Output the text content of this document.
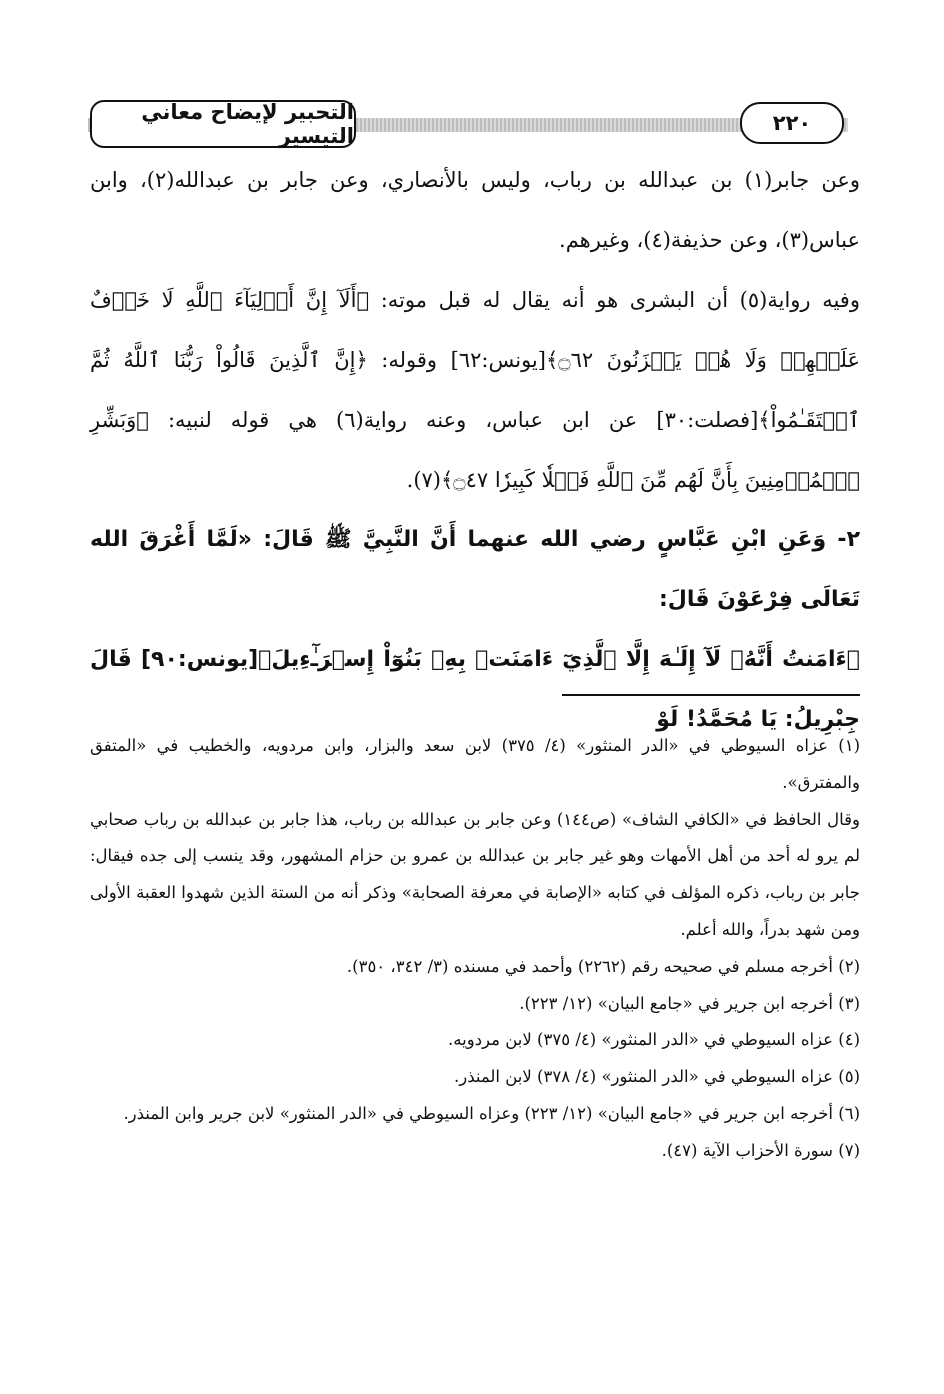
التحبير لإيضاح معاني التيسير
٢٢٠

وعن جابر(١) بن عبدالله بن رباب، وليس بالأنصاري، وعن جابر بن عبدالله(٢)، وابن عباس(٣)، وعن حذيفة(٤)، وغيرهم.

وفيه رواية(٥) أن البشرى هو أنه يقال له قبل موته: ﴿أَلَآ إِنَّ أَوۡلِيَآءَ ٱللَّهِ لَا خَوۡفٌ عَلَيۡهِمۡ وَلَا هُمۡ يَحۡزَنُونَ ۝٦٢﴾[يونس:٦٢] وقوله: ﴿إِنَّ ٱلَّذِينَ قَالُواْ رَبُّنَا ٱللَّهُ ثُمَّ ٱسۡتَقَـٰمُواْ﴾[فصلت:٣٠] عن ابن عباس، وعنه رواية(٦) هي قوله لنبيه: ﴿وَبَشِّرِ ٱلۡمُؤۡمِنِينَ بِأَنَّ لَهُم مِّنَ ٱللَّهِ فَضۡلٗا كَبِيرٗا ۝٤٧﴾(٧).

٢- وَعَنِ ابْنِ عَبَّاسٍ رضي الله عنهما أَنَّ النَّبِيَّ ﷺ قَالَ: «لَمَّا أَغْرَقَ الله تَعَالَى فِرْعَوْنَ قَالَ:

﴿ءَامَنتُ أَنَّهُۥ لَآ إِلَـٰهَ إِلَّا ٱلَّذِيٓ ءَامَنَتۡ بِهِۦ بَنُوٓاْ إِسۡرَـٰٓءِيلَ﴾[يونس:٩٠] قَالَ جِبْرِيلُ: يَا مُحَمَّدُ! لَوْ

(١) عزاه السيوطي في «الدر المنثور» (٤/ ٣٧٥) لابن سعد والبزار، وابن مردويه، والخطيب في «المتفق والمفترق».

وقال الحافظ في «الكافي الشاف» (ص١٤٤) وعن جابر بن عبدالله بن رباب، هذا جابر بن عبدالله بن رباب صحابي لم يرو له أحد من أهل الأمهات وهو غير جابر بن عبدالله بن عمرو بن حزام المشهور، وقد ينسب إلى جده فيقال: جابر بن رباب، ذكره المؤلف في كتابه «الإصابة في معرفة الصحابة» وذكر أنه من الستة الذين شهدوا العقبة الأولى ومن شهد بدراً، والله أعلم.

(٢) أخرجه مسلم في صحيحه رقم (٢٢٦٢) وأحمد في مسنده (٣/ ٣٤٢، ٣٥٠).

(٣) أخرجه ابن جرير في «جامع البيان» (١٢/ ٢٢٣).

(٤) عزاه السيوطي في «الدر المنثور» (٤/ ٣٧٥) لابن مردويه.

(٥) عزاه السيوطي في «الدر المنثور» (٤/ ٣٧٨) لابن المنذر.

(٦) أخرجه ابن جرير في «جامع البيان» (١٢/ ٢٢٣) وعزاه السيوطي في «الدر المنثور» لابن جرير وابن المنذر.

(٧) سورة الأحزاب الآية (٤٧).
